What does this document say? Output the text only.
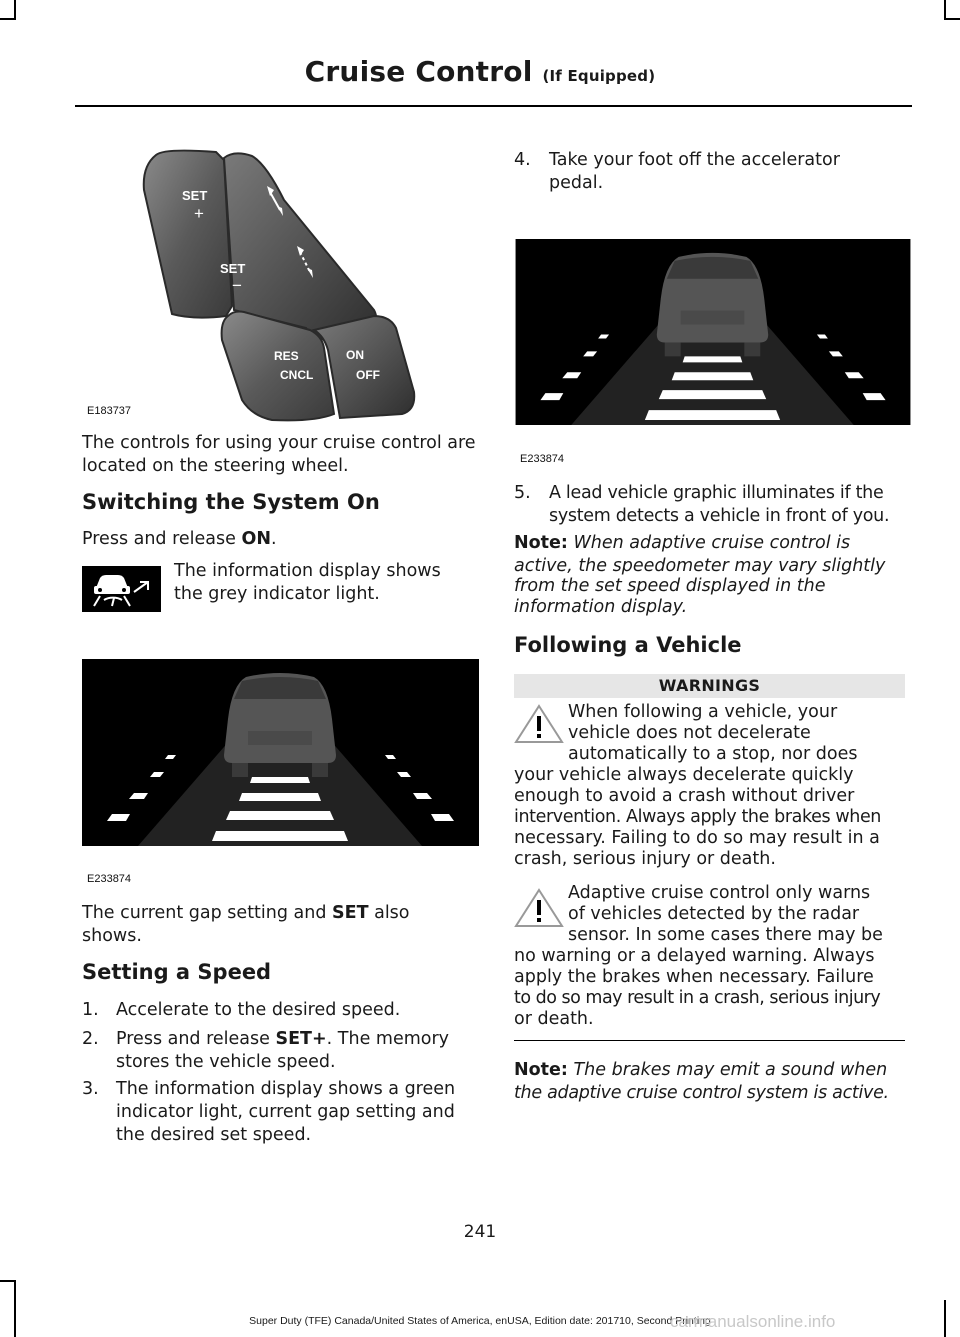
Cruise Control (If Equipped)
SET
+
SET
−
RES
CNCL
ON
OFF
E183737
The controls for using your cruise control are located on the steering wheel.
Switching the System On
Press and release ON.
The information display shows
the grey indicator light.
E233874
The current gap setting and SET also
shows.
Setting a Speed
1. Accelerate to the desired speed.
2. Press and release SET+. The memory
stores the vehicle speed.
3. The information display shows a green
indicator light, current gap setting and
the desired set speed.
4. Take your foot off the accelerator
pedal.
E233874
5. A lead vehicle graphic illuminates if the
system detects a vehicle in front of you.
Note: When adaptive cruise control is
active, the speedometer may vary slightly
from the set speed displayed in the
information display.
Following a Vehicle
WARNINGS
When following a vehicle, your
vehicle does not decelerate
automatically to a stop, nor does
your vehicle always decelerate quickly
enough to avoid a crash without driver
intervention. Always apply the brakes when
necessary. Failing to do so may result in a
crash, serious injury or death.
Adaptive cruise control only warns
of vehicles detected by the radar
sensor. In some cases there may be
no warning or a delayed warning. Always
apply the brakes when necessary. Failure
to do so may result in a crash, serious injury
or death.
Note: The brakes may emit a sound when
the adaptive cruise control system is active.
241
Super Duty (TFE) Canada/United States of America, enUSA, Edition date: 201710, Second Printing
carmanualsonline.info
